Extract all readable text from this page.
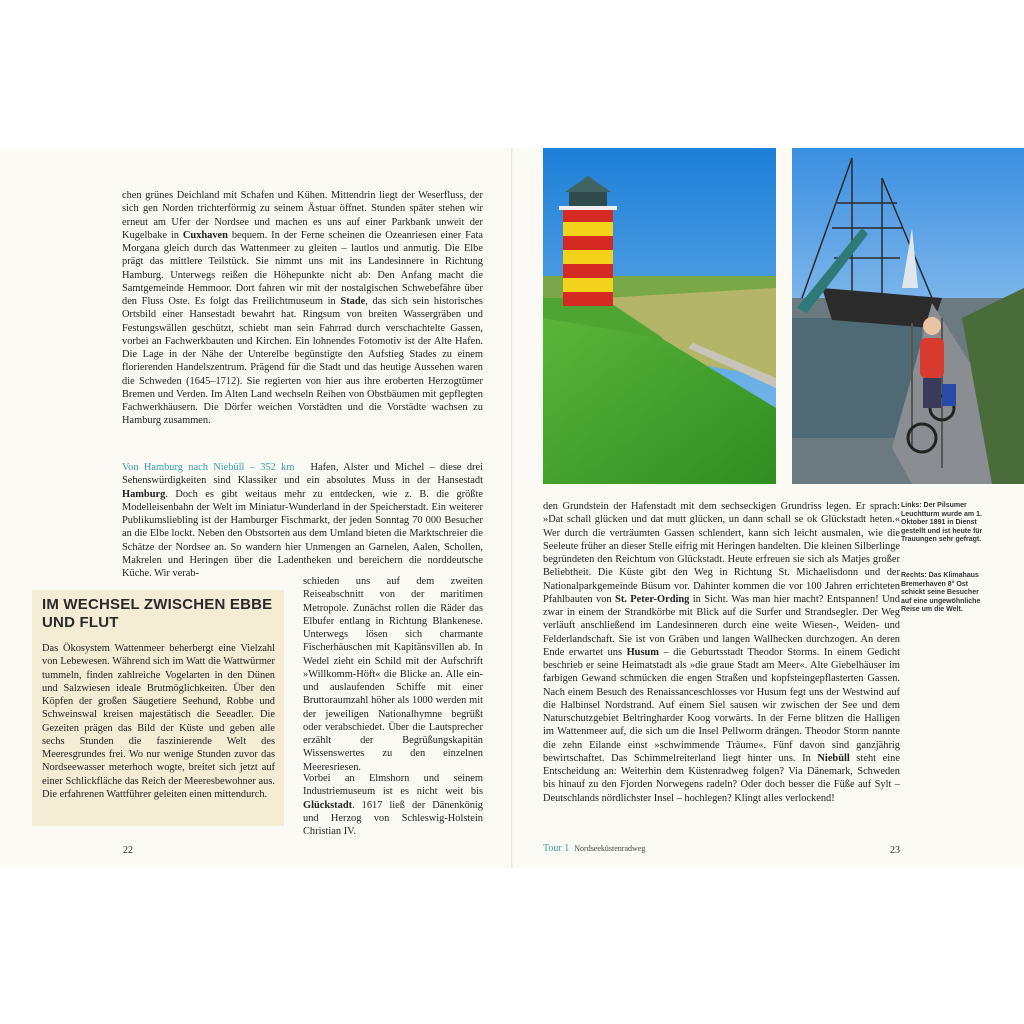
chen grünes Deichland mit Schafen und Kühen. Mittendrin liegt der Weserfluss, der sich gen Norden trichterförmig zu seinem Ästuar öffnet. Stunden später stehen wir erneut am Ufer der Nordsee und machen es uns auf einer Parkbank unweit der Kugelbake in Cuxhaven bequem. In der Ferne scheinen die Ozeanriesen einer Fata Morgana gleich durch das Wattenmeer zu gleiten – lautlos und anmutig. Die Elbe prägt das mittlere Teilstück. Sie nimmt uns mit ins Landesinnere in Richtung Hamburg. Unterwegs reißen die Höhepunkte nicht ab: Den Anfang macht die Samtgemeinde Hemmoor. Dort fahren wir mit der nostalgischen Schwebefähre über den Fluss Oste. Es folgt das Freilichtmuseum in Stade, das sich sein historisches Ortsbild einer Hansestadt bewahrt hat. Ringsum von breiten Wassergräben und Festungswällen geschützt, schiebt man sein Fahrrad durch verschachtelte Gassen, vorbei an Fachwerkbauten und Kirchen. Ein lohnendes Fotomotiv ist der Alte Hafen. Die Lage in der Nähe der Unterelbe begünstigte den Aufstieg Stades zu einem florierenden Handelszentrum. Prägend für die Stadt und das heutige Aussehen waren die Schweden (1645–1712). Sie regierten von hier aus ihre eroberten Herzogtümer Bremen und Verden. Im Alten Land wechseln Reihen von Obstbäumen mit gepflegten Fachwerkhäusern. Die Dörfer weichen Vorstädten und die Vorstädte wachsen zu Hamburg zusammen.

Von Hamburg nach Niebüll – 352 km Hafen, Alster und Michel – diese drei Sehenswürdigkeiten sind Klassiker und ein absolutes Muss in der Hansestadt Hamburg. Doch es gibt weitaus mehr zu entdecken, wie z. B. die größte Modelleisenbahn der Welt im Miniatur-Wunderland in der Speicherstadt. Ein weiterer Publikumsliebling ist der Hamburger Fischmarkt, der jeden Sonntag 70 000 Besucher an die Elbe lockt. Neben den Obstsorten aus dem Umland bieten die Marktschreier die Schätze der Nordsee an. So wandern hier Unmengen an Garnelen, Aalen, Schollen, Makrelen und Heringen über die Ladentheken und bereichern die norddeutsche Küche. Wir verab-

schieden uns auf dem zweiten Reiseabschnitt von der maritimen Metropole. Zunächst rollen die Räder das Elbufer entlang in Richtung Blankenese. Unterwegs lösen sich charmante Fischerhäuschen mit Kapitänsvillen ab. In Wedel zieht ein Schild mit der Aufschrift »Willkomm-Höft« die Blicke an. Alle ein- und auslaufenden Schiffe mit einer Bruttoraumzahl höher als 1000 werden mit der jeweiligen Nationalhymne begrüßt oder verabschiedet. Über die Lautsprecher erzählt der Begrüßungskapitän Wissenswertes zu den einzelnen Meeresriesen.

Vorbei an Elmshorn und seinem Industriemuseum ist es nicht weit bis Glückstadt. 1617 ließ der Dänenkönig und Herzog von Schleswig-Holstein Christian IV.

IM WECHSEL ZWISCHEN EBBE UND FLUT

Das Ökosystem Wattenmeer beherbergt eine Vielzahl von Lebewesen. Während sich im Watt die Wattwürmer tummeln, finden zahlreiche Vogelarten in den Dünen und Salzwiesen ideale Brutmöglichkeiten. Über den Köpfen der großen Säugetiere Seehund, Robbe und Schweinswal kreisen majestätisch die Seeadler. Die Gezeiten prägen das Bild der Küste und geben alle sechs Stunden die faszinierende Welt des Meeresgrundes frei. Wo nur wenige Stunden zuvor das Nordseewasser meterhoch wogte, breitet sich jetzt auf einer Schlickfläche das Reich der Meeresbewohner aus. Die erfahrenen Wattführer geleiten einen mittendurch.

22

den Grundstein der Hafenstadt mit dem sechseckigen Grundriss legen. Er sprach: »Dat schall glücken und dat mutt glücken, un dann schall se ok Glückstadt heten.« Wer durch die verträumten Gassen schlendert, kann sich leicht ausmalen, wie die Seeleute früher an dieser Stelle eifrig mit Heringen handelten. Die kleinen Silberlinge begründeten den Reichtum von Glückstadt. Heute erfreuen sie sich als Matjes großer Beliebtheit. Die Küste gibt den Weg in Richtung St. Michaelisdonn und der Nationalparkgemeinde Büsum vor. Dahinter kommen die vor 100 Jahren errichteten Pfahlbauten von St. Peter-Ording in Sicht. Was man hier macht? Entspannen! Und zwar in einem der Strandkörbe mit Blick auf die Surfer und Strandsegler. Der Weg verläuft anschließend im Landesinneren durch eine weite Wiesen-, Weiden- und Felderlandschaft. Sie ist von Gräben und langen Wallhecken durchzogen. An deren Ende erwartet uns Husum – die Geburtsstadt Theodor Storms. In einem Gedicht beschrieb er seine Heimatstadt als »die graue Stadt am Meer«. Alte Giebelhäuser im farbigen Gewand schmücken die engen Straßen und kopfsteingepflasterten Gassen. Nach einem Besuch des Renaissanceschlosses vor Husum fegt uns der Westwind auf die Halbinsel Nordstrand. Auf einem Siel sausen wir zwischen der See und dem Naturschutzgebiet Beltringharder Koog vorwärts. In der Ferne blitzen die Halligen im Wattenmeer auf, die sich um die Insel Pellworm drängen. Theodor Storm nannte die zehn Eilande einst »schwimmende Träume«. Fünf davon sind ganzjährig bewirtschaftet. Das Schimmelreiterland liegt hinter uns. In Niebüll steht eine Entscheidung an: Weiterhin dem Küstenradweg folgen? Via Dänemark, Schweden bis hinauf zu den Fjorden Norwegens radeln? Oder doch besser die Füße auf Sylt – Deutschlands nördlichster Insel – hochlegen? Klingt alles verlockend!

Links: Der Pilsumer Leuchtturm wurde am 1. Oktober 1891 in Dienst gestellt und ist heute für Trauungen sehr gefragt.
Rechts: Das Klimahaus Bremerhaven 8° Ost schickt seine Besucher auf eine ungewöhnliche Reise um die Welt.
Tour 1 Nordseeküstenradweg	23
